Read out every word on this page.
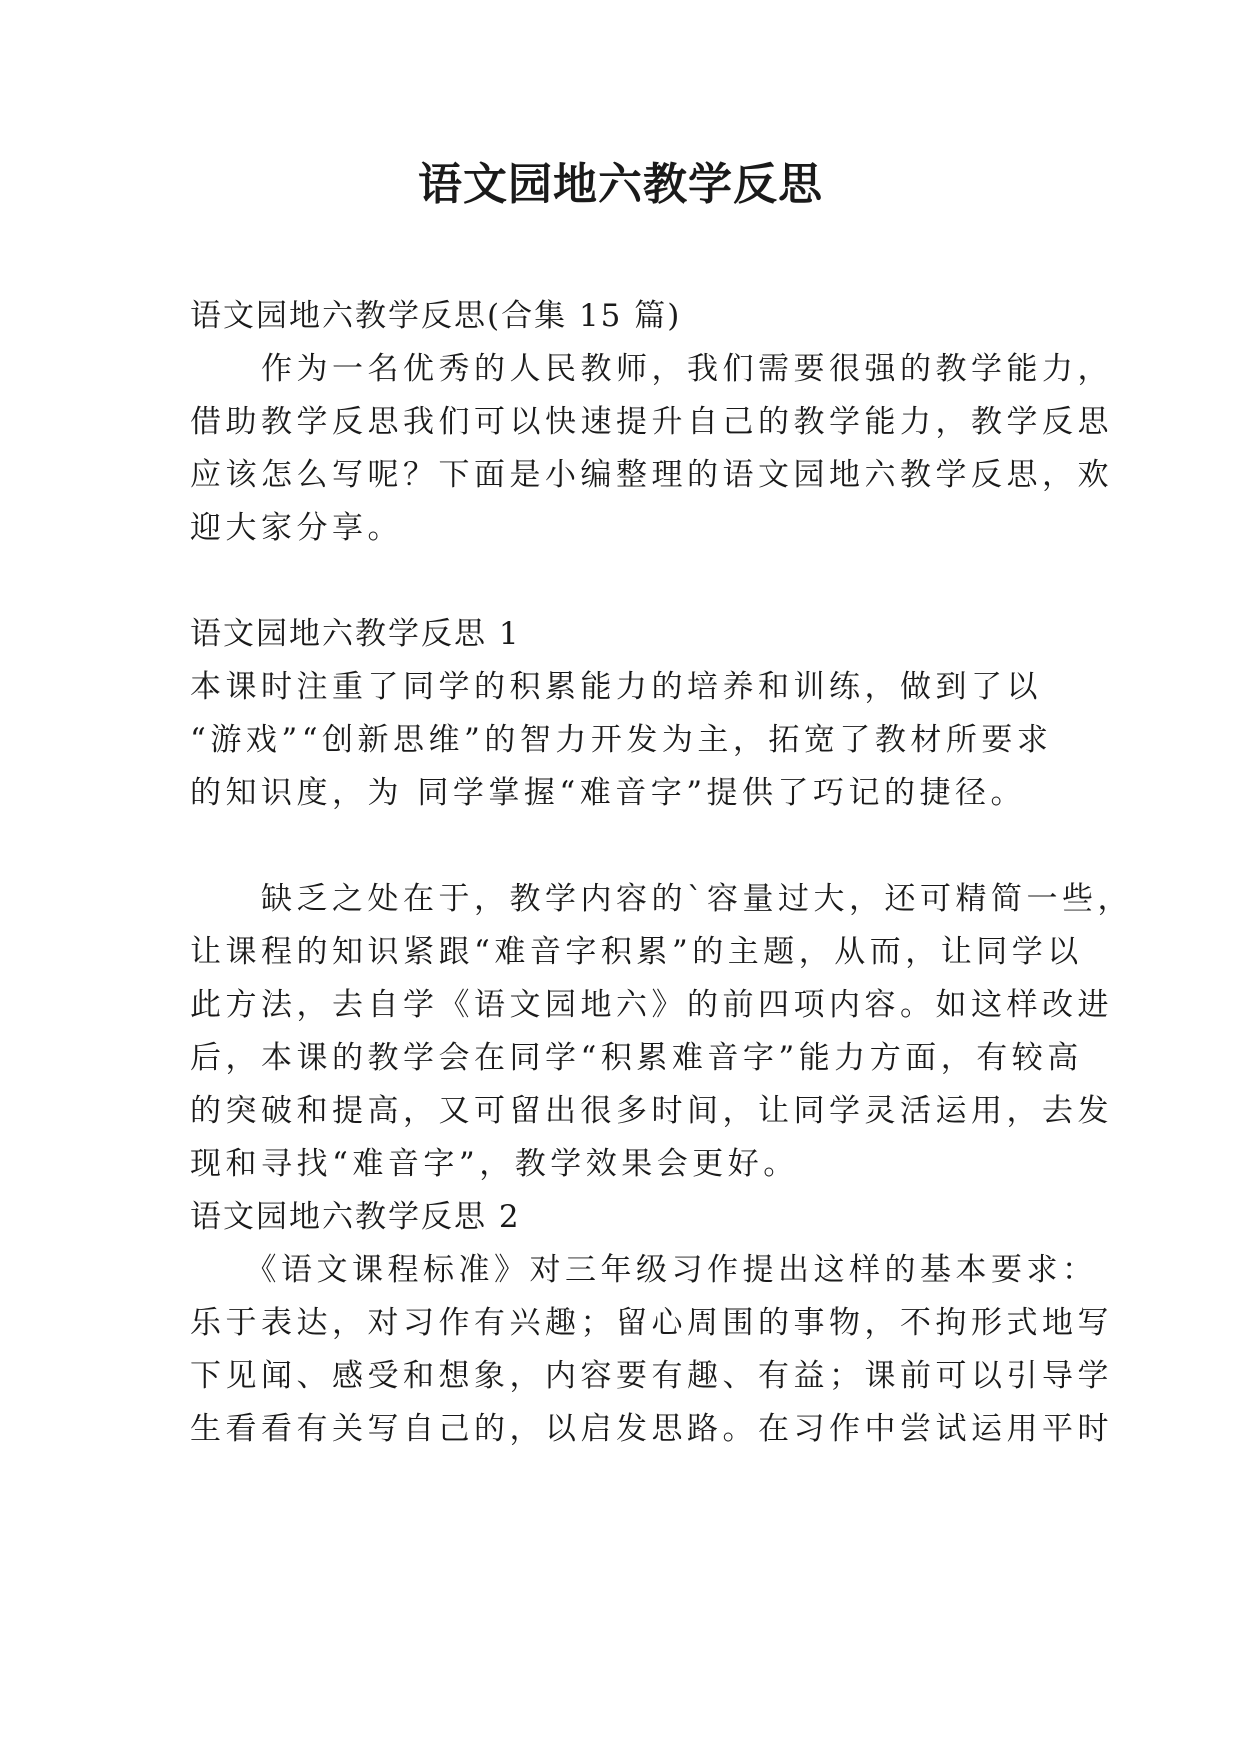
语文园地六教学反思

语文园地六教学反思(合集 15 篇)

　　作为一名优秀的人民教师，我们需要很强的教学能力，

借助教学反思我们可以快速提升自己的教学能力，教学反思

应该怎么写呢？下面是小编整理的语文园地六教学反思，欢

迎大家分享。

语文园地六教学反思 1

本课时注重了同学的积累能力的培养和训练，做到了以

“游戏”“创新思维”的智力开发为主，拓宽了教材所要求

的知识度，为 同学掌握“难音字”提供了巧记的捷径。

　　缺乏之处在于，教学内容的`容量过大，还可精简一些，

让课程的知识紧跟“难音字积累”的主题，从而，让同学以

此方法，去自学《语文园地六》的前四项内容。如这样改进

后，本课的教学会在同学“积累难音字”能力方面，有较高

的突破和提高，又可留出很多时间，让同学灵活运用，去发

现和寻找“难音字”，教学效果会更好。

语文园地六教学反思 2

　　《语文课程标准》对三年级习作提出这样的基本要求：

乐于表达，对习作有兴趣；留心周围的事物，不拘形式地写

下见闻、感受和想象，内容要有趣、有益；课前可以引导学

生看看有关写自己的，以启发思路。在习作中尝试运用平时
